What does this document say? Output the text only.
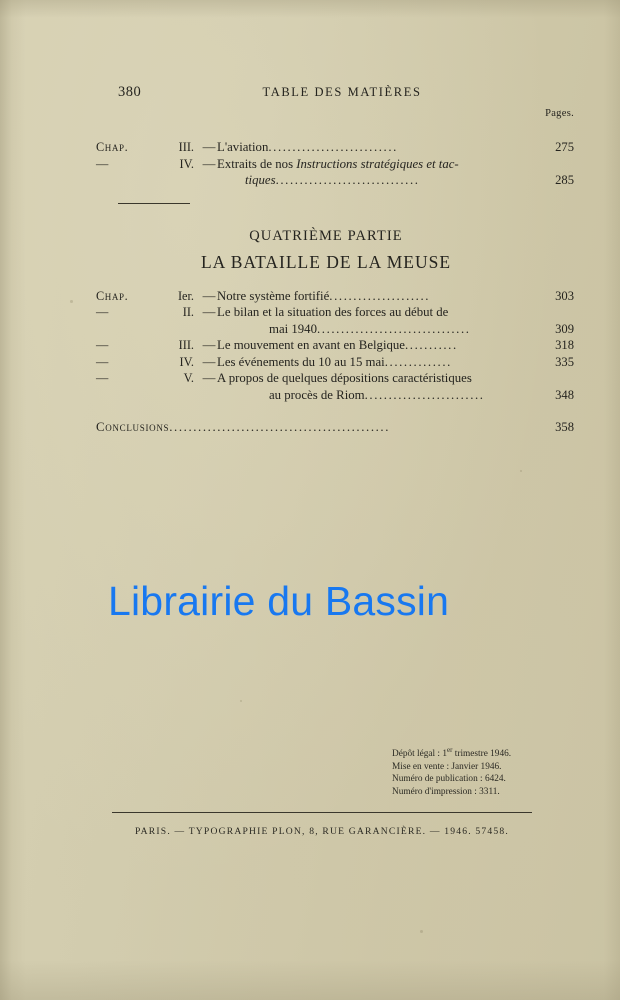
380	TABLE DES MATIÈRES
Pages.
Chap.	III. — L'aviation...........................	275
—	IV. — Extraits de nos Instructions stratégiques et tac-
tiques..............................	285
QUATRIÈME PARTIE
LA BATAILLE DE LA MEUSE
Chap.	Ier. — Notre système fortifié.....................	303
—	II. — Le bilan et la situation des forces au début de
mai 1940................................	309
—	III. — Le mouvement en avant en Belgique...........	318
—	IV. — Les événements du 10 au 15 mai..............	335
—	V. — A propos de quelques dépositions caractéristiques
au procès de Riom.........................	348
Conclusions ..............................................	358
Librairie du Bassin
Dépôt légal : 1er trimestre 1946.
Mise en vente : Janvier 1946.
Numéro de publication : 6424.
Numéro d'impression : 3311.
PARIS. — TYPOGRAPHIE PLON, 8, RUE GARANCIÈRE. — 1946. 57458.
